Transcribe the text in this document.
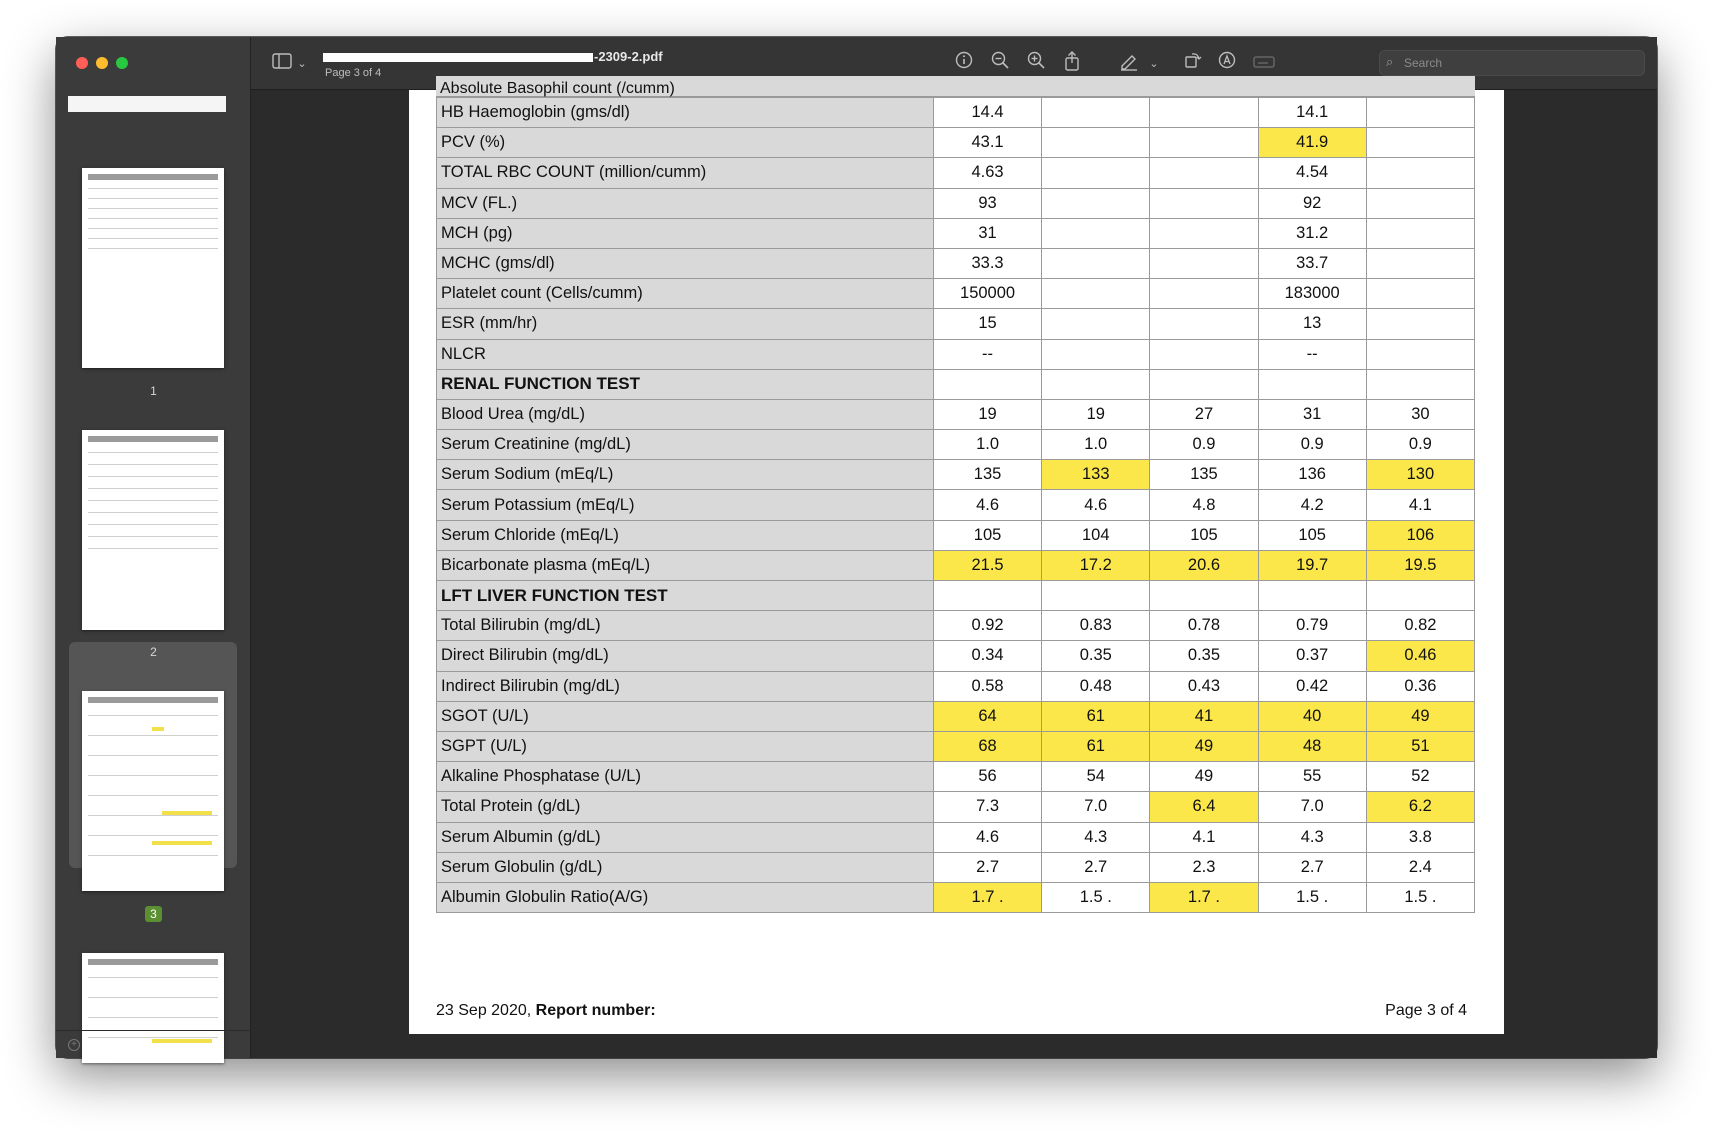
1
2
3
+
⌄	-2309-2.pdf
Page 3 of 4
⌄	⌕
Search
Absolute Basophil count (/cumm)
HB Haemoglobin (gms/dl)	14.4			14.1	
PCV (%)	43.1			41.9	
TOTAL RBC COUNT (million/cumm)	4.63			4.54	
MCV (FL.)	93			92	
MCH (pg)	31			31.2	
MCHC (gms/dl)	33.3			33.7	
Platelet count (Cells/cumm)	150000			183000	
ESR (mm/hr)	15			13	
NLCR	--			--	
RENAL FUNCTION TEST					
Blood Urea (mg/dL)	19	19	27	31	30
Serum Creatinine (mg/dL)	1.0	1.0	0.9	0.9	0.9
Serum Sodium (mEq/L)	135	133	135	136	130
Serum Potassium (mEq/L)	4.6	4.6	4.8	4.2	4.1
Serum Chloride (mEq/L)	105	104	105	105	106
Bicarbonate plasma (mEq/L)	21.5	17.2	20.6	19.7	19.5
LFT LIVER FUNCTION TEST					
Total Bilirubin (mg/dL)	0.92	0.83	0.78	0.79	0.82
Direct Bilirubin (mg/dL)	0.34	0.35	0.35	0.37	0.46
Indirect Bilirubin (mg/dL)	0.58	0.48	0.43	0.42	0.36
SGOT (U/L)	64	61	41	40	49
SGPT (U/L)	68	61	49	48	51
Alkaline Phosphatase (U/L)	56	54	49	55	52
Total Protein (g/dL)	7.3	7.0	6.4	7.0	6.2
Serum Albumin (g/dL)	4.6	4.3	4.1	4.3	3.8
Serum Globulin (g/dL)	2.7	2.7	2.3	2.7	2.4
Albumin Globulin Ratio(A/G)	1.7 .	1.5 .	1.7 .	1.5 .	1.5 .
23 Sep 2020, Report number:	Page 3 of 4
